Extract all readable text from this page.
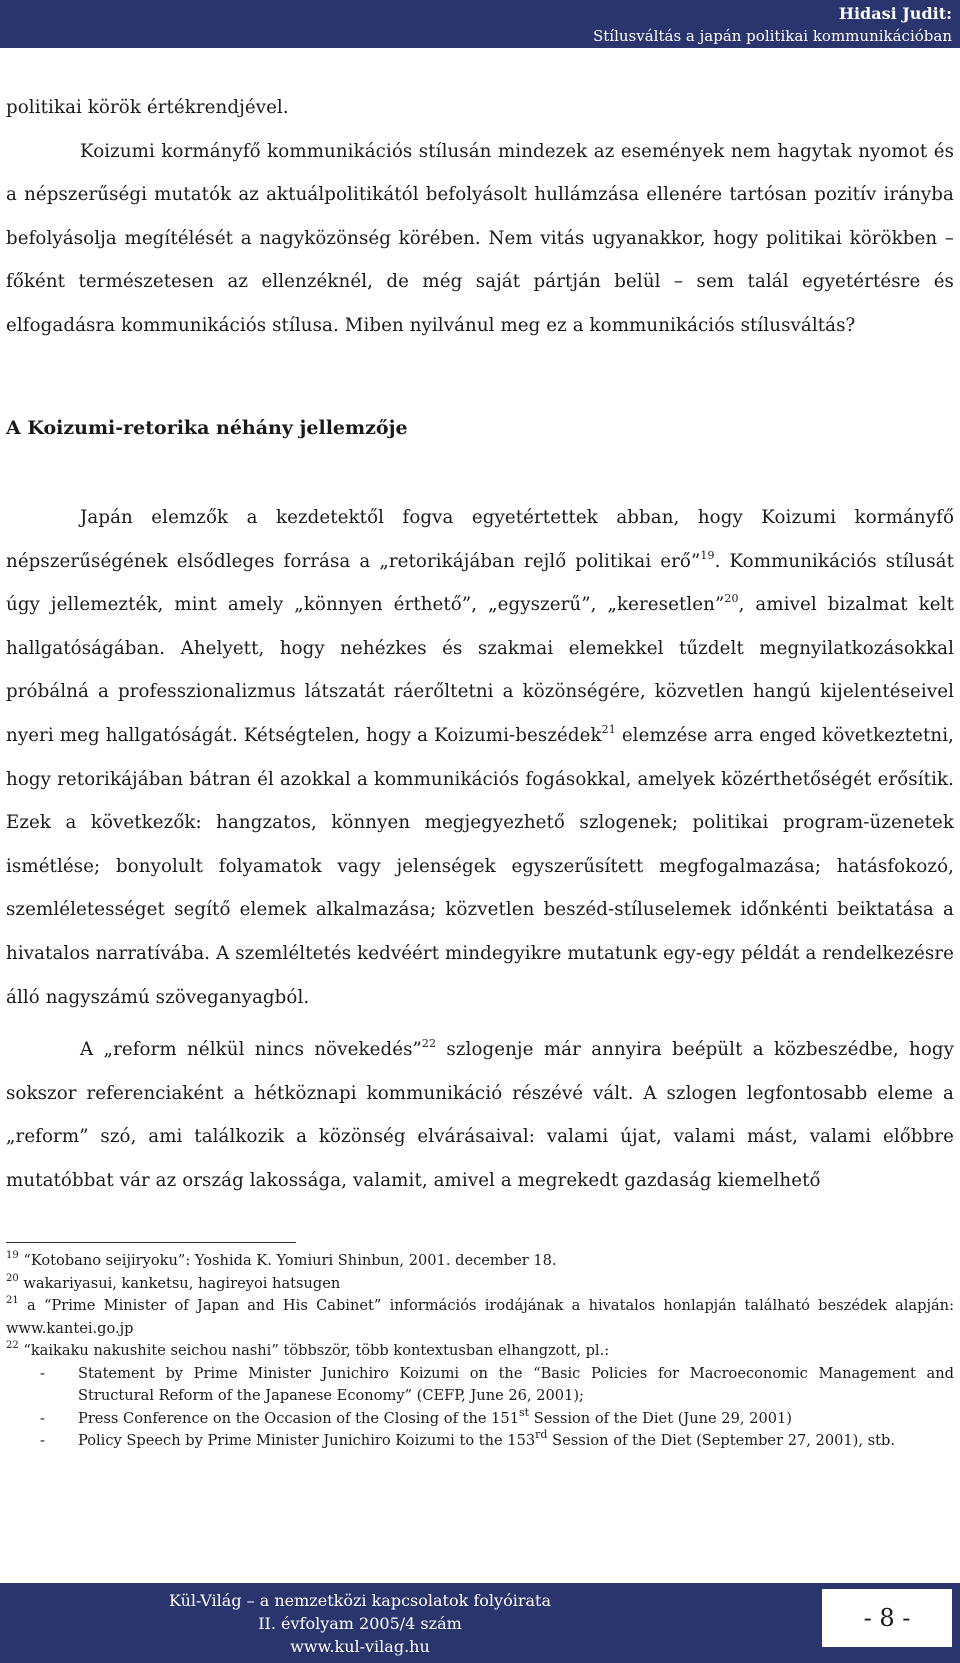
Hidasi Judit:
Stílusváltás a japán politikai kommunikációban

politikai körök értékrendjével.

Koizumi kormányfő kommunikációs stílusán mindezek az események nem hagytak nyomot és a népszerűségi mutatók az aktuálpolitikától befolyásolt hullámzása ellenére tartósan pozitív irányba befolyásolja megítélését a nagyközönség körében. Nem vitás ugyanakkor, hogy politikai körökben – főként természetesen az ellenzéknél, de még saját pártján belül – sem talál egyetértésre és elfogadásra kommunikációs stílusa. Miben nyilvánul meg ez a kommunikációs stílusváltás?

A Koizumi-retorika néhány jellemzője

Japán elemzők a kezdetektől fogva egyetértettek abban, hogy Koizumi kormányfő népszerűségének elsődleges forrása a „retorikájában rejlő politikai erő”$^{19}$. Kommunikációs stílusát úgy jellemezték, mint amely „könnyen érthető”, „egyszerű”, „keresetlen”$^{20}$, amivel bizalmat kelt hallgatóságában. Ahelyett, hogy nehézkes és szakmai elemekkel tűzdelt megnyilatkozásokkal próbálná a professzionalizmus látszatát ráerőltetni a közönségére, közvetlen hangú kijelentéseivel nyeri meg hallgatóságát. Kétségtelen, hogy a Koizumi-beszédek$^{21}$ elemzése arra enged következtetni, hogy retorikájában bátran él azokkal a kommunikációs fogásokkal, amelyek közérthetőségét erősítik. Ezek a következők: hangzatos, könnyen megjegyezhető szlogenek; politikai program-üzenetek ismétlése; bonyolult folyamatok vagy jelenségek egyszerűsített megfogalmazása; hatásfokozó, szemléletességet segítő elemek alkalmazása; közvetlen beszéd-stíluselemek időnkénti beiktatása a hivatalos narratívába. A szemléltetés kedvéért mindegyikre mutatunk egy-egy példát a rendelkezésre álló nagyszámú szöveganyagból.

A „reform nélkül nincs növekedés”$^{22}$ szlogenje már annyira beépült a közbeszédbe, hogy sokszor referenciaként a hétköznapi kommunikáció részévé vált. A szlogen legfontosabb eleme a „reform” szó, ami találkozik a közönség elvárásaival: valami újat, valami mást, valami előbbre mutatóbbat vár az ország lakossága, valamit, amivel a megrekedt gazdaság kiemelhető

$^{19}$ “Kotobano seijiryoku”: Yoshida K. Yomiuri Shinbun, 2001. december 18.

$^{20}$ wakariyasui, kanketsu, hagireyoi hatsugen

$^{21}$ a “Prime Minister of Japan and His Cabinet” információs irodájának a hivatalos honlapján található beszédek alapján: www.kantei.go.jp

$^{22}$ “kaikaku nakushite seichou nashi” többször, több kontextusban elhangzott, pl.:

- Statement by Prime Minister Junichiro Koizumi on the “Basic Policies for Macroeconomic Management and Structural Reform of the Japanese Economy” (CEFP, June 26, 2001);
- Press Conference on the Occasion of the Closing of the 151st Session of the Diet (June 29, 2001)
- Policy Speech by Prime Minister Junichiro Koizumi to the 153rd Session of the Diet (September 27, 2001), stb.
Kül-Világ – a nemzetközi kapcsolatok folyóirata
II. évfolyam 2005/4 szám
www.kul-vilag.hu
- 8 -
